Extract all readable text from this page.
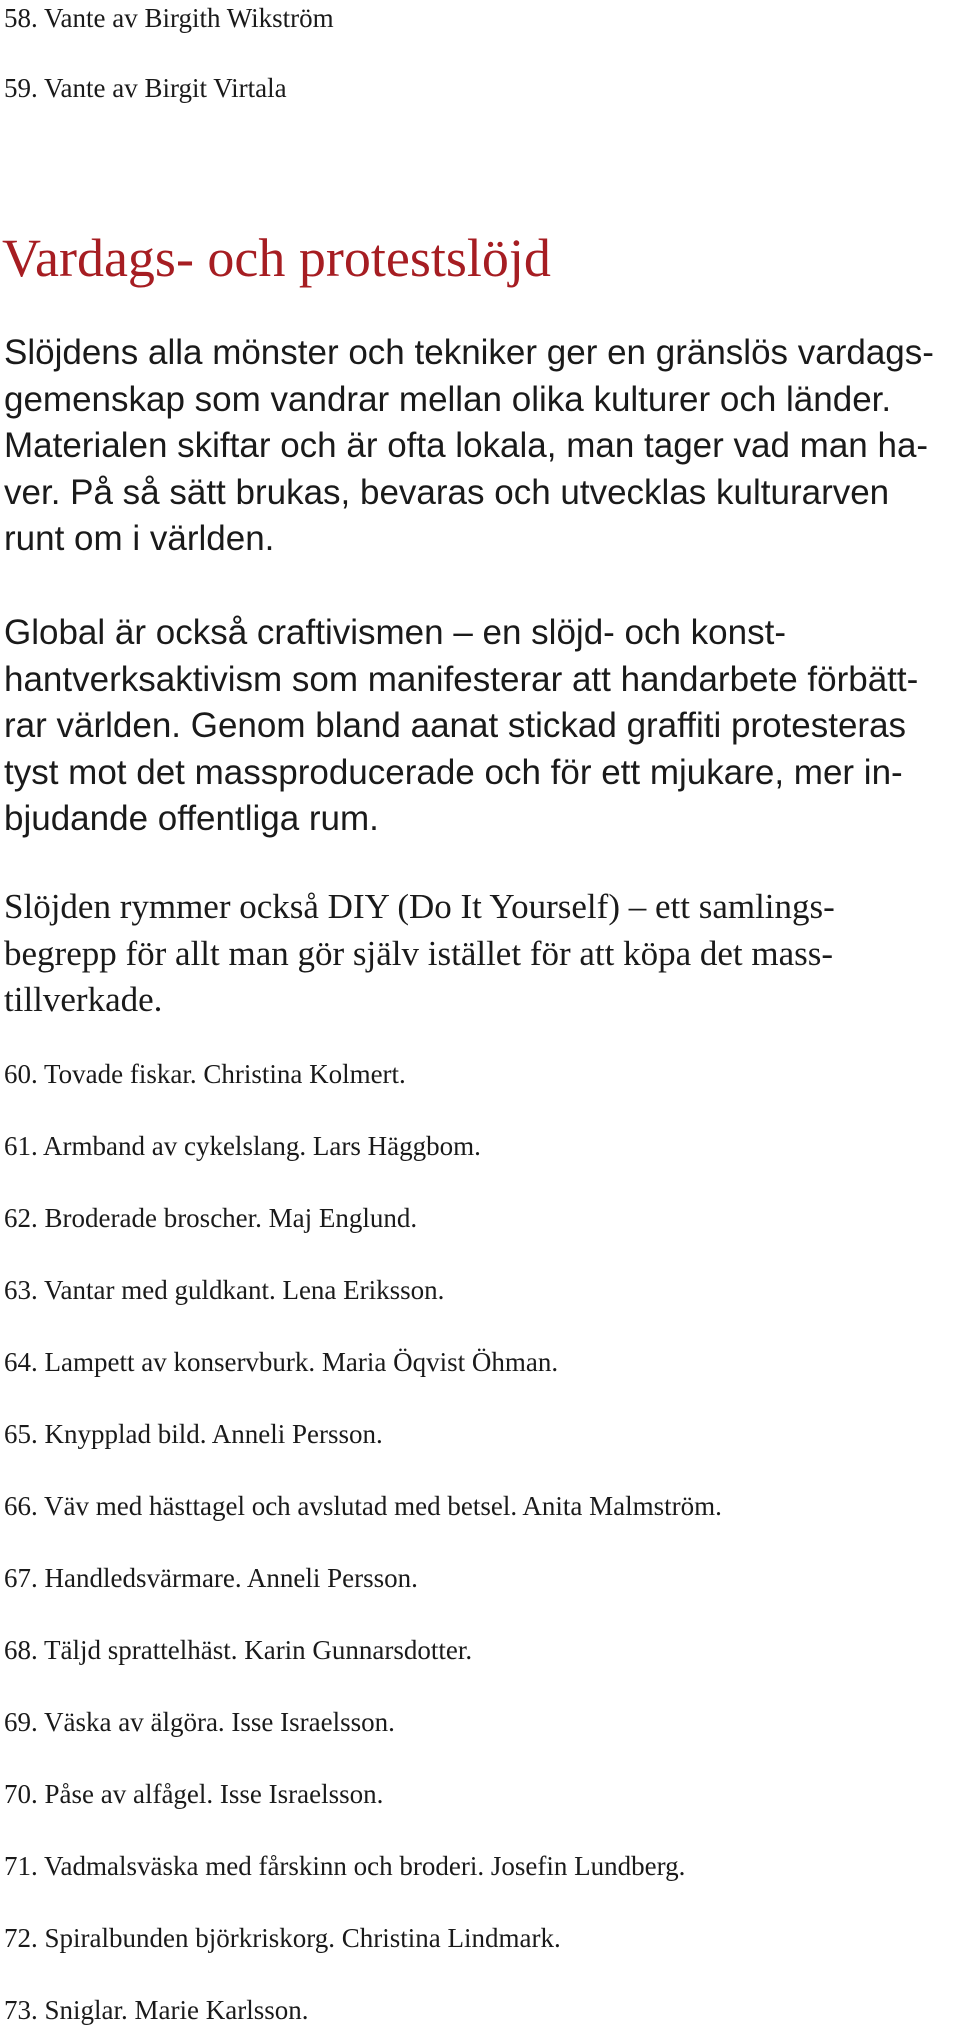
58. Vante av Birgith Wikström
59. Vante av Birgit Virtala
Vardags- och protestslöjd
Slöjdens alla mönster och tekniker ger en gränslös vardags-
gemenskap som vandrar mellan olika kulturer och länder.
Materialen skiftar och är ofta lokala, man tager vad man ha-
ver. På så sätt brukas, bevaras och utvecklas kulturarven
runt om i världen.
Global är också craftivismen – en slöjd- och konst-
hantverksaktivism som manifesterar att handarbete förbätt-
rar världen. Genom bland aanat stickad graffiti protesteras
tyst mot det massproducerade och för ett mjukare, mer in-
bjudande offentliga rum.
Slöjden rymmer också DIY (Do It Yourself) – ett samlings-
begrepp för allt man gör själv istället för att köpa det mass-
tillverkade.
60. Tovade fiskar. Christina Kolmert.
61. Armband av cykelslang. Lars Häggbom.
62. Broderade broscher. Maj Englund.
63. Vantar med guldkant. Lena Eriksson.
64. Lampett av konservburk. Maria Öqvist Öhman.
65. Knypplad bild. Anneli Persson.
66. Väv med hästtagel och avslutad med betsel. Anita Malmström.
67. Handledsvärmare. Anneli Persson.
68. Täljd sprattelhäst. Karin Gunnarsdotter.
69. Väska av älgöra. Isse Israelsson.
70. Påse av alfågel. Isse Israelsson.
71. Vadmalsväska med fårskinn och broderi. Josefin Lundberg.
72. Spiralbunden björkriskorg. Christina Lindmark.
73. Sniglar. Marie Karlsson.
